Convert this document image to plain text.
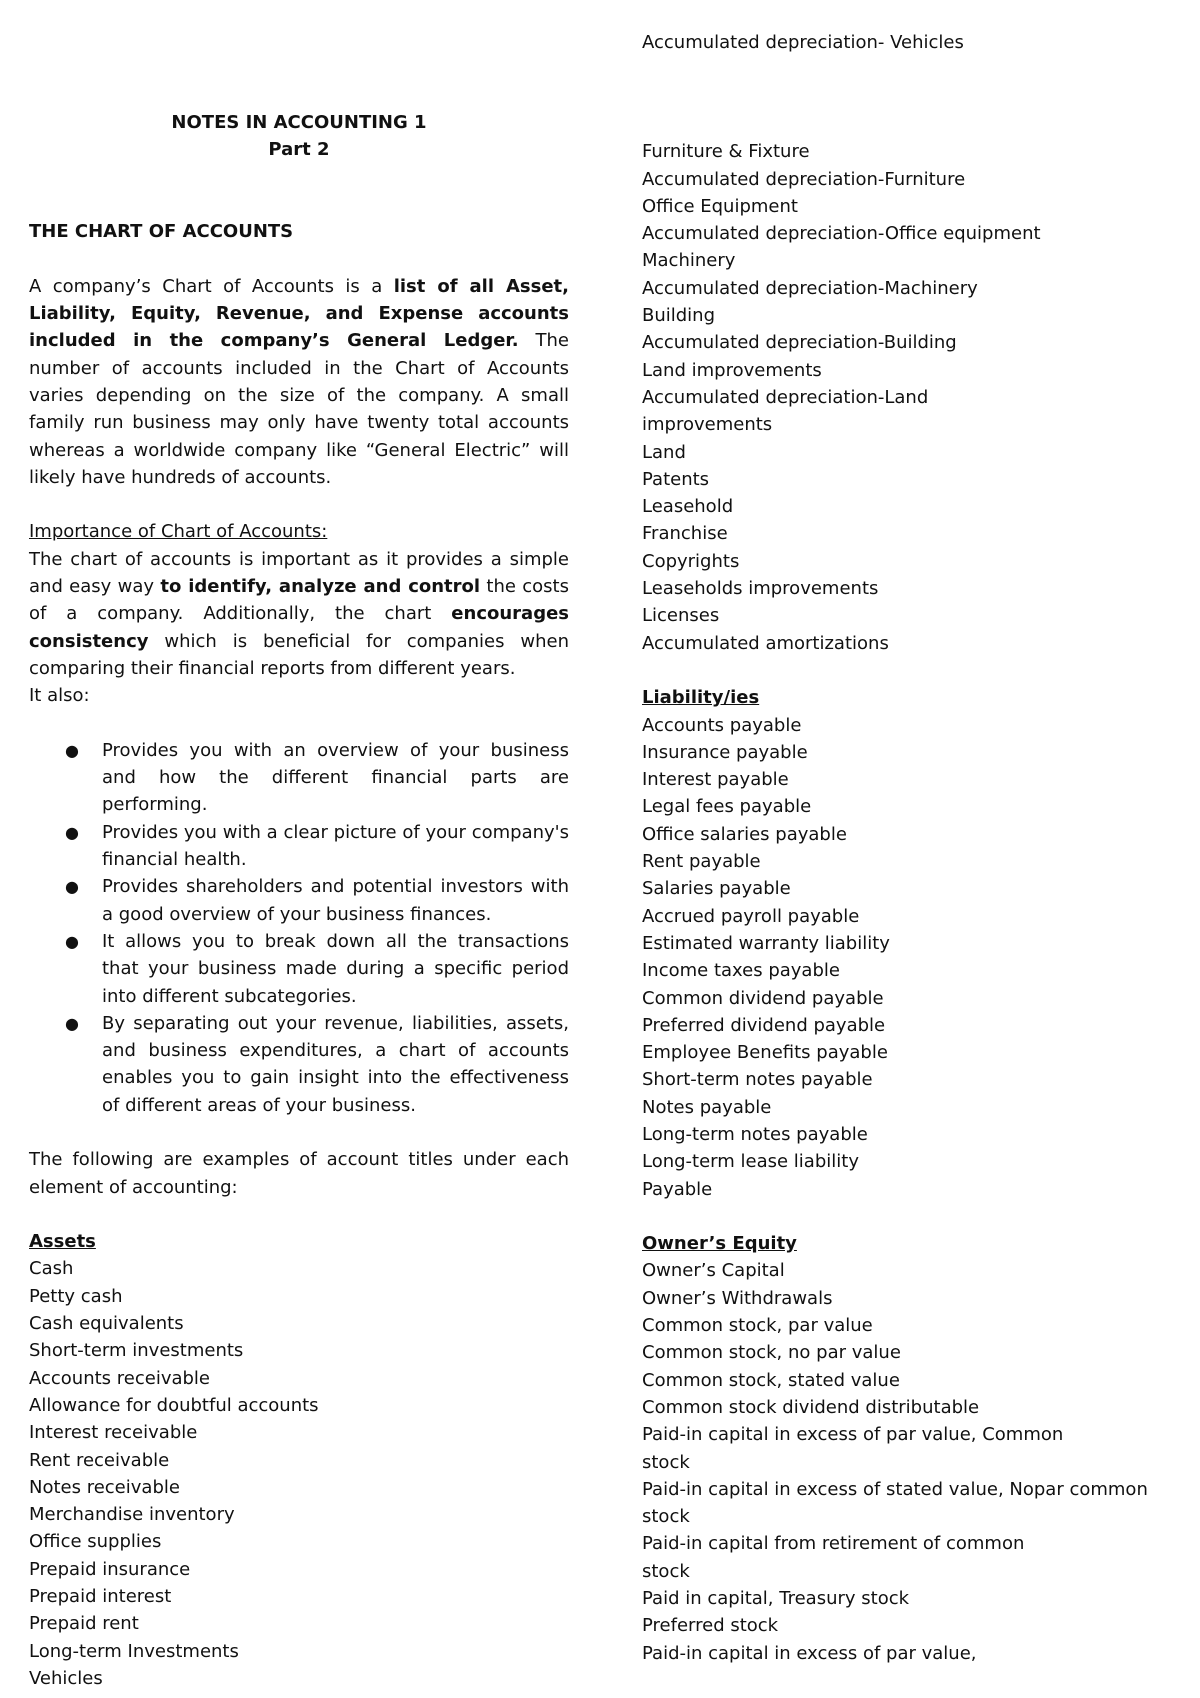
NOTES IN ACCOUNTING 1
Part 2
THE CHART OF ACCOUNTS
A company’s Chart of Accounts is a list of all Asset, Liability, Equity, Revenue, and Expense accounts included in the company’s General Ledger. The number of accounts included in the Chart of Accounts varies depending on the size of the company. A small family run business may only have twenty total accounts whereas a worldwide company like “General Electric” will likely have hundreds of accounts.
Importance of Chart of Accounts:
The chart of accounts is important as it provides a simple and easy way to identify, analyze and control the costs of a company. Additionally, the chart encourages consistency which is beneficial for companies when comparing their financial reports from different years.
It also:
● Provides you with an overview of your business and how the different financial parts are performing.
● Provides you with a clear picture of your company's financial health.
● Provides shareholders and potential investors with a good overview of your business finances.
● It allows you to break down all the transactions that your business made during a specific period into different subcategories.
● By separating out your revenue, liabilities, assets, and business expenditures, a chart of accounts enables you to gain insight into the effectiveness of different areas of your business.
The following are examples of account titles under each element of accounting:
Assets
Cash
Petty cash
Cash equivalents
Short-term investments
Accounts receivable
Allowance for doubtful accounts
Interest receivable
Rent receivable
Notes receivable
Merchandise inventory
Office supplies
Prepaid insurance
Prepaid interest
Prepaid rent
Long-term Investments
Vehicles
Accumulated depreciation- Vehicles
Furniture & Fixture
Accumulated depreciation-Furniture
Office Equipment
Accumulated depreciation-Office equipment
Machinery
Accumulated depreciation-Machinery
Building
Accumulated depreciation-Building
Land improvements
Accumulated depreciation-Land
improvements
Land
Patents
Leasehold
Franchise
Copyrights
Leaseholds improvements
Licenses
Accumulated amortizations
Liability/ies
Accounts payable
Insurance payable
Interest payable
Legal fees payable
Office salaries payable
Rent payable
Salaries payable
Accrued payroll payable
Estimated warranty liability
Income taxes payable
Common dividend payable
Preferred dividend payable
Employee Benefits payable
Short-term notes payable
Notes payable
Long-term notes payable
Long-term lease liability
Payable
Owner’s Equity
Owner’s Capital
Owner’s Withdrawals
Common stock, par value
Common stock, no par value
Common stock, stated value
Common stock dividend distributable
Paid-in capital in excess of par value, Common
stock
Paid-in capital in excess of stated value, Nopar common
stock
Paid-in capital from retirement of common
stock
Paid in capital, Treasury stock
Preferred stock
Paid-in capital in excess of par value,
